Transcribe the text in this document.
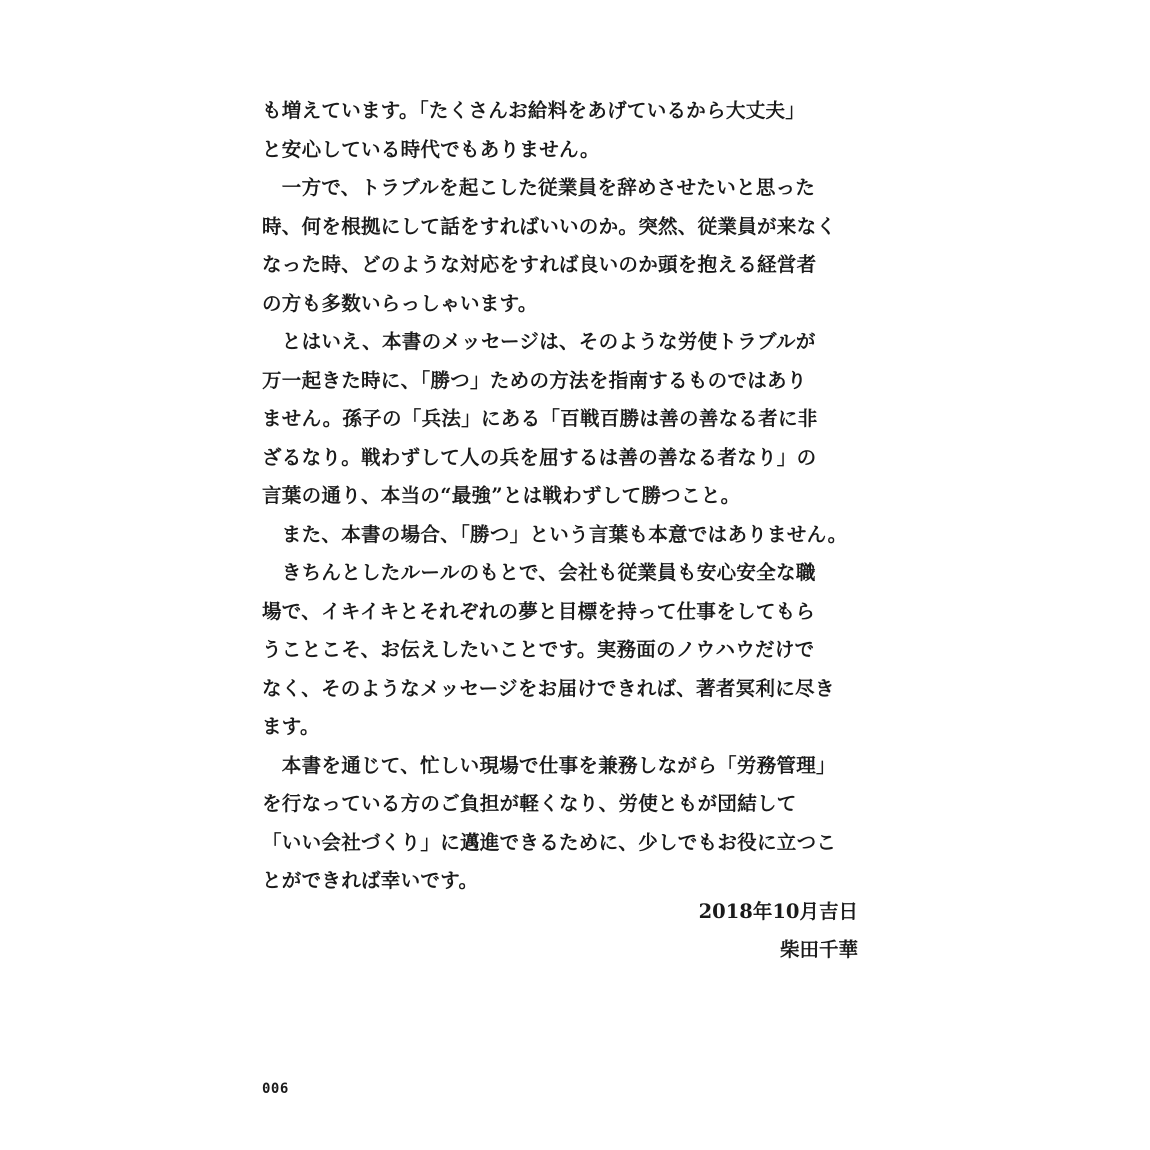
も増えています。「たくさんお給料をあげているから大丈夫」
と安心している時代でもありません。
　一方で、トラブルを起こした従業員を辞めさせたいと思った
時、何を根拠にして話をすればいいのか。突然、従業員が来なく
なった時、どのような対応をすれば良いのか頭を抱える経営者
の方も多数いらっしゃいます。
　とはいえ、本書のメッセージは、そのような労使トラブルが
万一起きた時に、「勝つ」ための方法を指南するものではあり
ません。孫子の「兵法」にある「百戦百勝は善の善なる者に非
ざるなり。戦わずして人の兵を屈するは善の善なる者なり」の
言葉の通り、本当の“最強”とは戦わずして勝つこと。
　また、本書の場合、「勝つ」という言葉も本意ではありません。
　きちんとしたルールのもとで、会社も従業員も安心安全な職
場で、イキイキとそれぞれの夢と目標を持って仕事をしてもら
うことこそ、お伝えしたいことです。実務面のノウハウだけで
なく、そのようなメッセージをお届けできれば、著者冥利に尽き
ます。
　本書を通じて、忙しい現場で仕事を兼務しながら「労務管理」
を行なっている方のご負担が軽くなり、労使ともが団結して
「いい会社づくり」に邁進できるために、少しでもお役に立つこ
とができれば幸いです。
2018年10月吉日
柴田千華
006
